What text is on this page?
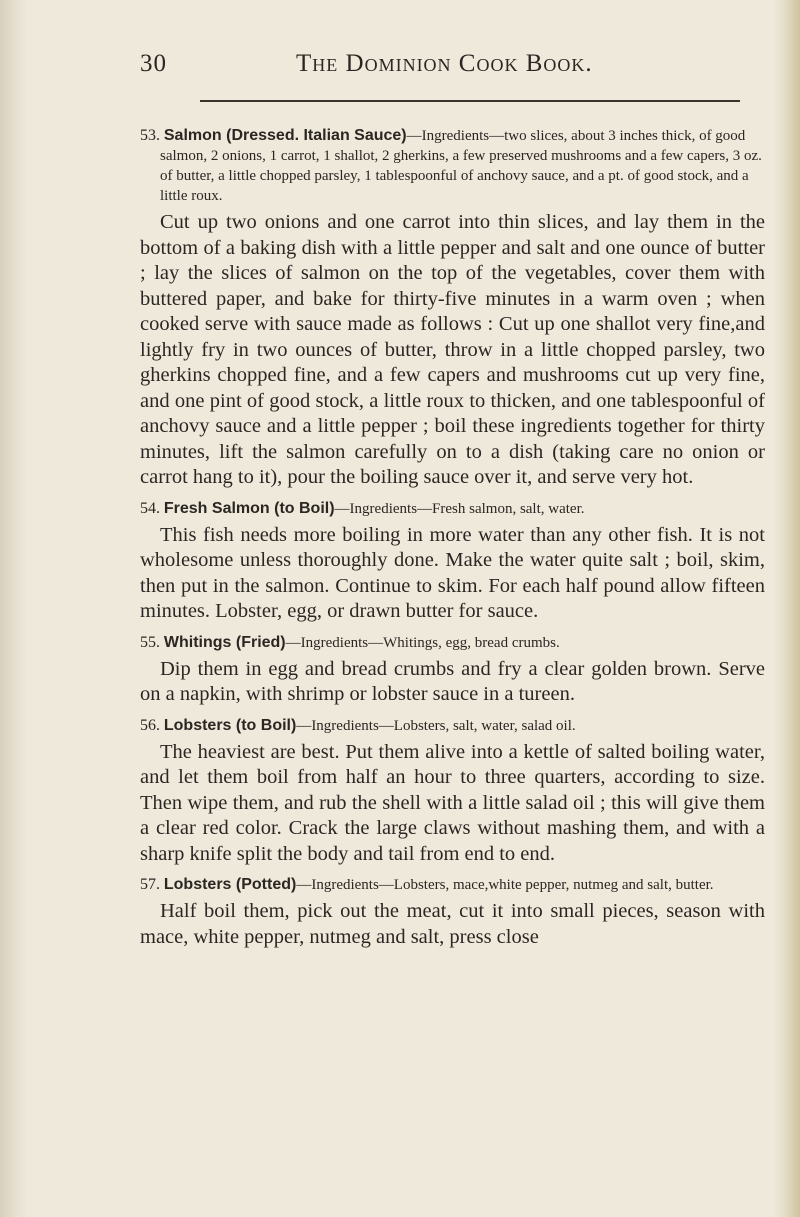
30	The Dominion Cook Book.

53. Salmon (Dressed. Italian Sauce)—Ingredients—two slices, about 3 inches thick, of good salmon, 2 onions, 1 carrot, 1 shallot, 2 gherkins, a few preserved mushrooms and a few capers, 3 oz. of butter, a little chopped parsley, 1 tablespoonful of anchovy sauce, and a pt. of good stock, and a little roux.

Cut up two onions and one carrot into thin slices, and lay them in the bottom of a baking dish with a little pepper and salt and one ounce of butter ; lay the slices of salmon on the top of the vegetables, cover them with buttered paper, and bake for thirty-five minutes in a warm oven ; when cooked serve with sauce made as follows : Cut up one shallot very fine,and lightly fry in two ounces of butter, throw in a little chopped parsley, two gherkins chopped fine, and a few capers and mushrooms cut up very fine, and one pint of good stock, a little roux to thicken, and one tablespoonful of anchovy sauce and a little pepper ; boil these ingredients together for thirty minutes, lift the salmon carefully on to a dish (taking care no onion or carrot hang to it), pour the boiling sauce over it, and serve very hot.

54. Fresh Salmon (to Boil)—Ingredients—Fresh salmon, salt, water.

This fish needs more boiling in more water than any other fish. It is not wholesome unless thoroughly done. Make the water quite salt ; boil, skim, then put in the salmon. Continue to skim. For each half pound allow fifteen minutes. Lobster, egg, or drawn butter for sauce.

55. Whitings (Fried)—Ingredients—Whitings, egg, bread crumbs.

Dip them in egg and bread crumbs and fry a clear golden brown. Serve on a napkin, with shrimp or lobster sauce in a tureen.

56. Lobsters (to Boil)—Ingredients—Lobsters, salt, water, salad oil.

The heaviest are best. Put them alive into a kettle of salted boiling water, and let them boil from half an hour to three quarters, according to size. Then wipe them, and rub the shell with a little salad oil ; this will give them a clear red color. Crack the large claws without mashing them, and with a sharp knife split the body and tail from end to end.

57. Lobsters (Potted)—Ingredients—Lobsters, mace,white pepper, nutmeg and salt, butter.

Half boil them, pick out the meat, cut it into small pieces, season with mace, white pepper, nutmeg and salt, press close
